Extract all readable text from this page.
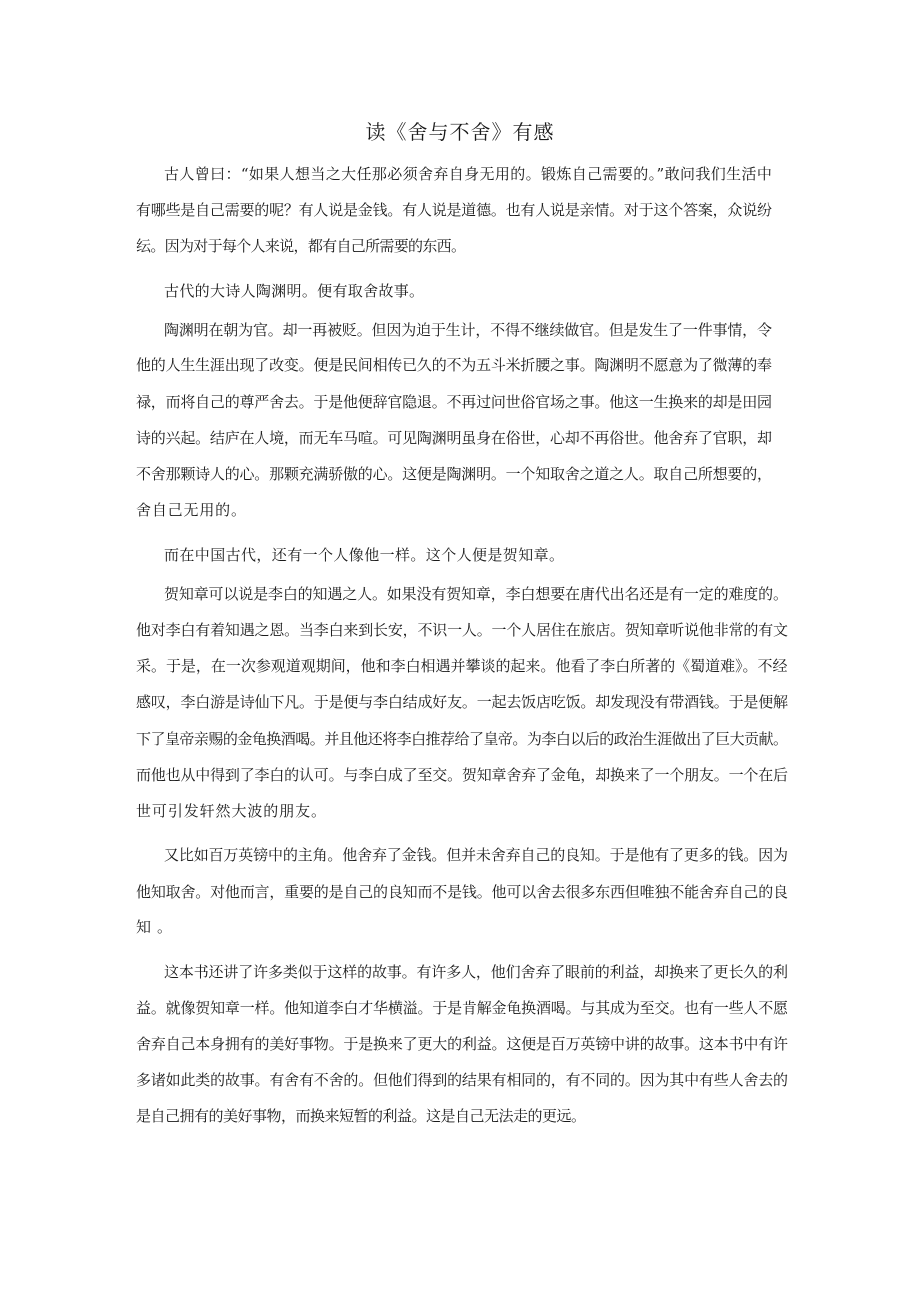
读《舍与不舍》有感
古人曾曰：“如果人想当之大任那必须舍弃自身无用的。锻炼自己需要的。”敢问我们生活中
有哪些是自己需要的呢？有人说是金钱。有人说是道德。也有人说是亲情。对于这个答案，众说纷
纭。因为对于每个人来说，都有自己所需要的东西。
古代的大诗人陶渊明。便有取舍故事。
陶渊明在朝为官。却一再被贬。但因为迫于生计，不得不继续做官。但是发生了一件事情，令
他的人生生涯出现了改变。便是民间相传已久的不为五斗米折腰之事。陶渊明不愿意为了微薄的奉
禄，而将自己的尊严舍去。于是他便辞官隐退。不再过问世俗官场之事。他这一生换来的却是田园
诗的兴起。结庐在人境，而无车马喧。可见陶渊明虽身在俗世，心却不再俗世。他舍弃了官职，却
不舍那颗诗人的心。那颗充满骄傲的心。这便是陶渊明。一个知取舍之道之人。取自己所想要的，
舍自己无用的。
而在中国古代，还有一个人像他一样。这个人便是贺知章。
贺知章可以说是李白的知遇之人。如果没有贺知章，李白想要在唐代出名还是有一定的难度的。
他对李白有着知遇之恩。当李白来到长安，不识一人。一个人居住在旅店。贺知章听说他非常的有文
采。于是，在一次参观道观期间，他和李白相遇并攀谈的起来。他看了李白所著的《蜀道难》。不经
感叹，李白游是诗仙下凡。于是便与李白结成好友。一起去饭店吃饭。却发现没有带酒钱。于是便解
下了皇帝亲赐的金龟换酒喝。并且他还将李白推荐给了皇帝。为李白以后的政治生涯做出了巨大贡献。
而他也从中得到了李白的认可。与李白成了至交。贺知章舍弃了金龟，却换来了一个朋友。一个在后
世可引发轩然大波的朋友。
又比如百万英镑中的主角。他舍弃了金钱。但并未舍弃自己的良知。于是他有了更多的钱。因为
他知取舍。对他而言，重要的是自己的良知而不是钱。他可以舍去很多东西但唯独不能舍弃自己的良
知。
这本书还讲了许多类似于这样的故事。有许多人，他们舍弃了眼前的利益，却换来了更长久的利
益。就像贺知章一样。他知道李白才华横溢。于是肯解金龟换酒喝。与其成为至交。也有一些人不愿
舍弃自己本身拥有的美好事物。于是换来了更大的利益。这便是百万英镑中讲的故事。这本书中有许
多诸如此类的故事。有舍有不舍的。但他们得到的结果有相同的，有不同的。因为其中有些人舍去的
是自己拥有的美好事物，而换来短暂的利益。这是自己无法走的更远。
